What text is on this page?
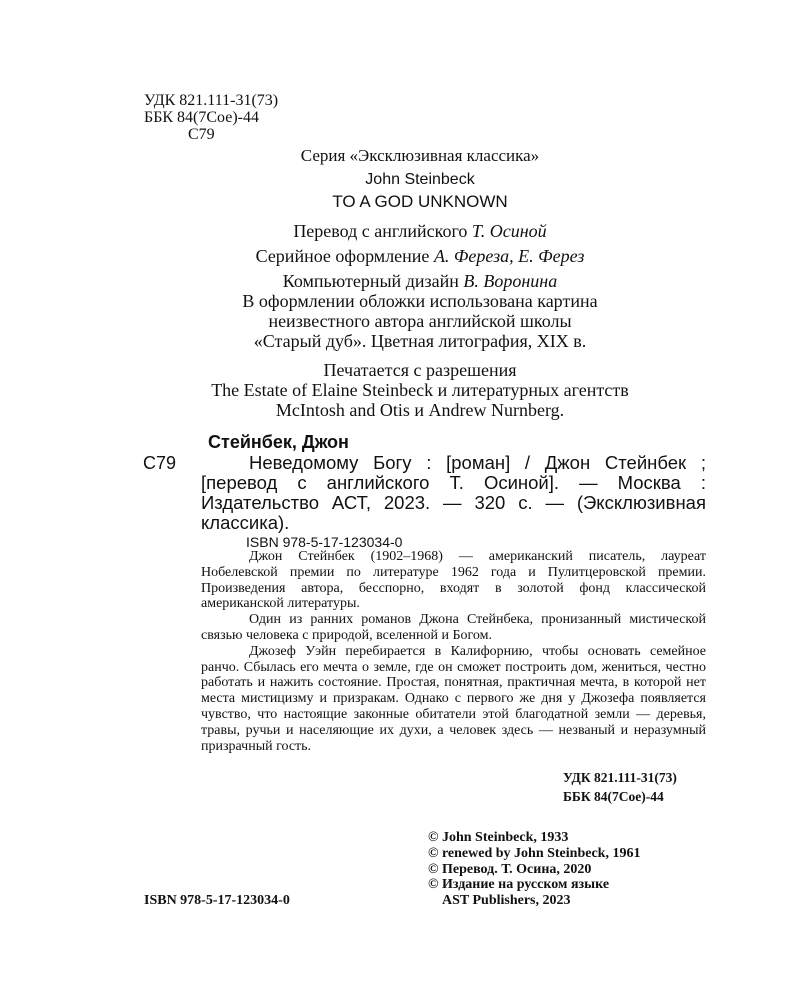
УДК 821.111-31(73)
ББК 84(7Сое)-44
С79
Серия «Эксклюзивная классика»
John Steinbeck
TO A GOD UNKNOWN
Перевод с английского Т. Осиной
Серийное оформление А. Фереза, Е. Ферез
Компьютерный дизайн В. Воронина
В оформлении обложки использована картина
неизвестного автора английской школы
«Старый дуб». Цветная литография, XIX в.
Печатается с разрешения
The Estate of Elaine Steinbeck и литературных агентств
McIntosh and Otis и Andrew Nurnberg.
Стейнбек, Джон
С79	Неведомому Богу : [роман] / Джон Стейнбек ; [перевод с английского Т. Осиной]. — Москва : Издательство АСТ, 2023. — 320 с. — (Эксклюзивная классика).
ISBN 978-5-17-123034-0

Джон Стейнбек (1902–1968) — американский писатель, лауреат Нобелевской премии по литературе 1962 года и Пулитцеровской премии. Произведения автора, бесспорно, входят в золотой фонд классической американской литературы.

Один из ранних романов Джона Стейнбека, пронизанный мистической связью человека с природой, вселенной и Богом.

Джозеф Уэйн перебирается в Калифорнию, чтобы основать семейное ранчо. Сбылась его мечта о земле, где он сможет построить дом, жениться, честно работать и нажить состояние. Простая, понятная, практичная мечта, в которой нет места мистицизму и призракам. Однако с первого же дня у Джозефа появляется чувство, что настоящие законные обитатели этой благодатной земли — деревья, травы, ручьи и населяющие их духи, а человек здесь — незваный и неразумный призрачный гость.

УДК 821.111-31(73)
ББК 84(7Сое)-44
© John Steinbeck, 1933
© renewed by John Steinbeck, 1961
© Перевод. Т. Осина, 2020
© Издание на русском языке
AST Publishers, 2023
ISBN 978-5-17-123034-0
